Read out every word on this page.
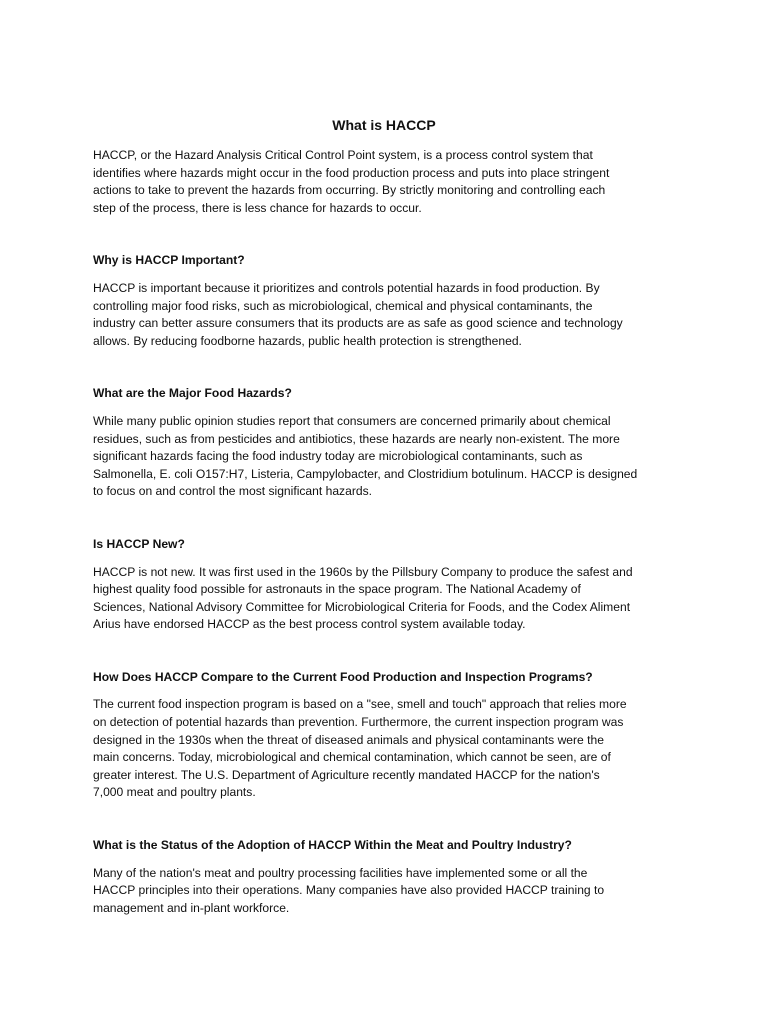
What is HACCP

HACCP, or the Hazard Analysis Critical Control Point system, is a process control system that
identifies where hazards might occur in the food production process and puts into place stringent
actions to take to prevent the hazards from occurring. By strictly monitoring and controlling each
step of the process, there is less chance for hazards to occur.

Why is HACCP Important?

HACCP is important because it prioritizes and controls potential hazards in food production. By
controlling major food risks, such as microbiological, chemical and physical contaminants, the
industry can better assure consumers that its products are as safe as good science and technology
allows. By reducing foodborne hazards, public health protection is strengthened.

What are the Major Food Hazards?

While many public opinion studies report that consumers are concerned primarily about chemical
residues, such as from pesticides and antibiotics, these hazards are nearly non-existent. The more
significant hazards facing the food industry today are microbiological contaminants, such as
Salmonella, E. coli O157:H7, Listeria, Campylobacter, and Clostridium botulinum. HACCP is designed
to focus on and control the most significant hazards.

Is HACCP New?

HACCP is not new. It was first used in the 1960s by the Pillsbury Company to produce the safest and
highest quality food possible for astronauts in the space program. The National Academy of
Sciences, National Advisory Committee for Microbiological Criteria for Foods, and the Codex Aliment
Arius have endorsed HACCP as the best process control system available today.

How Does HACCP Compare to the Current Food Production and Inspection Programs?

The current food inspection program is based on a "see, smell and touch" approach that relies more
on detection of potential hazards than prevention. Furthermore, the current inspection program was
designed in the 1930s when the threat of diseased animals and physical contaminants were the
main concerns. Today, microbiological and chemical contamination, which cannot be seen, are of
greater interest. The U.S. Department of Agriculture recently mandated HACCP for the nation's
7,000 meat and poultry plants.

What is the Status of the Adoption of HACCP Within the Meat and Poultry Industry?

Many of the nation's meat and poultry processing facilities have implemented some or all the
HACCP principles into their operations. Many companies have also provided HACCP training to
management and in-plant workforce.
